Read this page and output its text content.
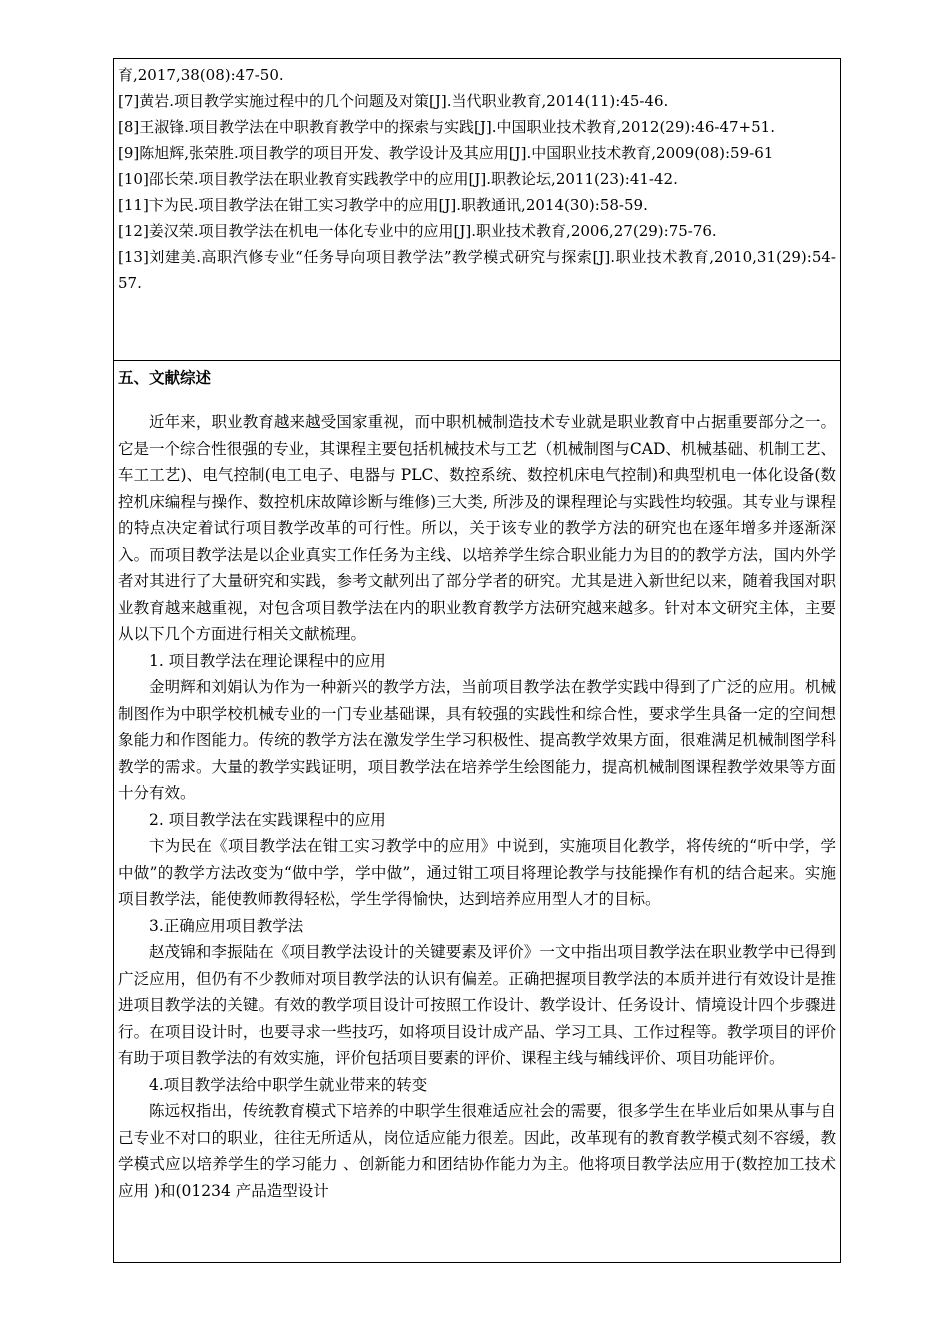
育,2017,38(08):47-50.

[7]黄岩.项目教学实施过程中的几个问题及对策[J].当代职业教育,2014(11):45-46.

[8]王淑锋.项目教学法在中职教育教学中的探索与实践[J].中国职业技术教育,2012(29):46-47+51.

[9]陈旭辉,张荣胜.项目教学的项目开发、教学设计及其应用[J].中国职业技术教育,2009(08):59-61

[10]邵长荣.项目教学法在职业教育实践教学中的应用[J].职教论坛,2011(23):41-42.

[11]卞为民.项目教学法在钳工实习教学中的应用[J].职教通讯,2014(30):58-59.

[12]姜汉荣.项目教学法在机电一体化专业中的应用[J].职业技术教育,2006,27(29):75-76.

[13]刘建美.高职汽修专业“任务导向项目教学法”教学模式研究与探索[J].职业技术教育,2010,31(29):54-57.

五、文献综述

近年来，职业教育越来越受国家重视，而中职机械制造技术专业就是职业教育中占据重要部分之一。它是一个综合性很强的专业，其课程主要包括机械技术与工艺（机械制图与CAD、机械基础、机制工艺、车工工艺)、电气控制(电工电子、电器与 PLC、数控系统、数控机床电气控制)和典型机电一体化设备(数控机床编程与操作、数控机床故障诊断与维修)三大类, 所涉及的课程理论与实践性均较强。其专业与课程的特点决定着试行项目教学改革的可行性。所以，关于该专业的教学方法的研究也在逐年增多并逐渐深入。而项目教学法是以企业真实工作任务为主线、以培养学生综合职业能力为目的的教学方法，国内外学者对其进行了大量研究和实践，参考文献列出了部分学者的研究。尤其是进入新世纪以来，随着我国对职业教育越来越重视，对包含项目教学法在内的职业教育教学方法研究越来越多。针对本文研究主体，主要从以下几个方面进行相关文献梳理。

1. 项目教学法在理论课程中的应用

金明辉和刘娟认为作为一种新兴的教学方法，当前项目教学法在教学实践中得到了广泛的应用。机械制图作为中职学校机械专业的一门专业基础课，具有较强的实践性和综合性，要求学生具备一定的空间想象能力和作图能力。传统的教学方法在激发学生学习积极性、提高教学效果方面，很难满足机械制图学科教学的需求。大量的教学实践证明，项目教学法在培养学生绘图能力，提高机械制图课程教学效果等方面十分有效。

2. 项目教学法在实践课程中的应用

卞为民在《项目教学法在钳工实习教学中的应用》中说到，实施项目化教学，将传统的“听中学，学中做”的教学方法改变为“做中学，学中做”，通过钳工项目将理论教学与技能操作有机的结合起来。实施项目教学法，能使教师教得轻松，学生学得愉快，达到培养应用型人才的目标。

3.正确应用项目教学法

赵茂锦和李振陆在《项目教学法设计的关键要素及评价》一文中指出项目教学法在职业教学中已得到广泛应用，但仍有不少教师对项目教学法的认识有偏差。正确把握项目教学法的本质并进行有效设计是推进项目教学法的关键。有效的教学项目设计可按照工作设计、教学设计、任务设计、情境设计四个步骤进行。在项目设计时，也要寻求一些技巧，如将项目设计成产品、学习工具、工作过程等。教学项目的评价有助于项目教学法的有效实施，评价包括项目要素的评价、课程主线与辅线评价、项目功能评价。

4.项目教学法给中职学生就业带来的转变

陈远权指出，传统教育模式下培养的中职学生很难适应社会的需要，很多学生在毕业后如果从事与自己专业不对口的职业，往往无所适从，岗位适应能力很差。因此，改革现有的教育教学模式刻不容缓，教学模式应以培养学生的学习能力 、创新能力和团结协作能力为主。他将项目教学法应用于(数控加工技术应用 )和(01234 产品造型设计
